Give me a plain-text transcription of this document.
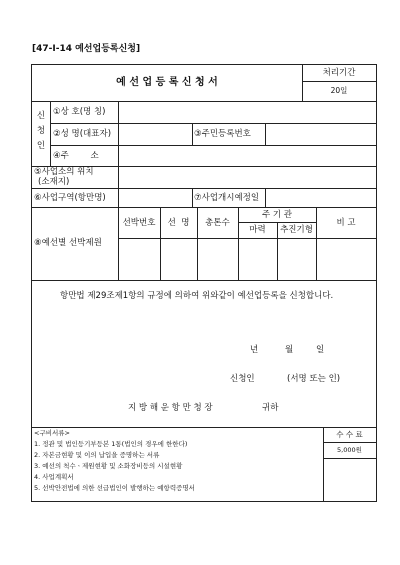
[47-Ⅰ-14 예선업등록신청]
예 선 업 등 록 신 청 서
처리기간
20일
신
청
인
①상 호(명 칭)
②성 명(대표자)	③주민등록번호
④주        소
⑤사업소의 위치
(소재지)
⑥사업구역(항만명)	⑦사업개시예정일
⑧예선별 선박제원
선박번호	선  명	총톤수
주 기 관
마력	추진기형
비 고
항만법 제29조제1항의 규정에 의하여 위와같이 예선업등록을 신청합니다.
년	월	일
신청인	(서명 또는 인)
지 방 해 운 항 만 청 장	귀하
<구비서류>
1. 정관 및 법인등기부등본 1통(법인의 경우에 한한다)
2. 자본금현황 및 이의 납입을 증명하는 서류
3. 예선의 척수ㆍ제원현황 및 소화장비등의 시설현황
4. 사업계획서
5. 선박안전법에 의한 선급법인이 발행하는 예항력증명서
수 수 료
5,000원
